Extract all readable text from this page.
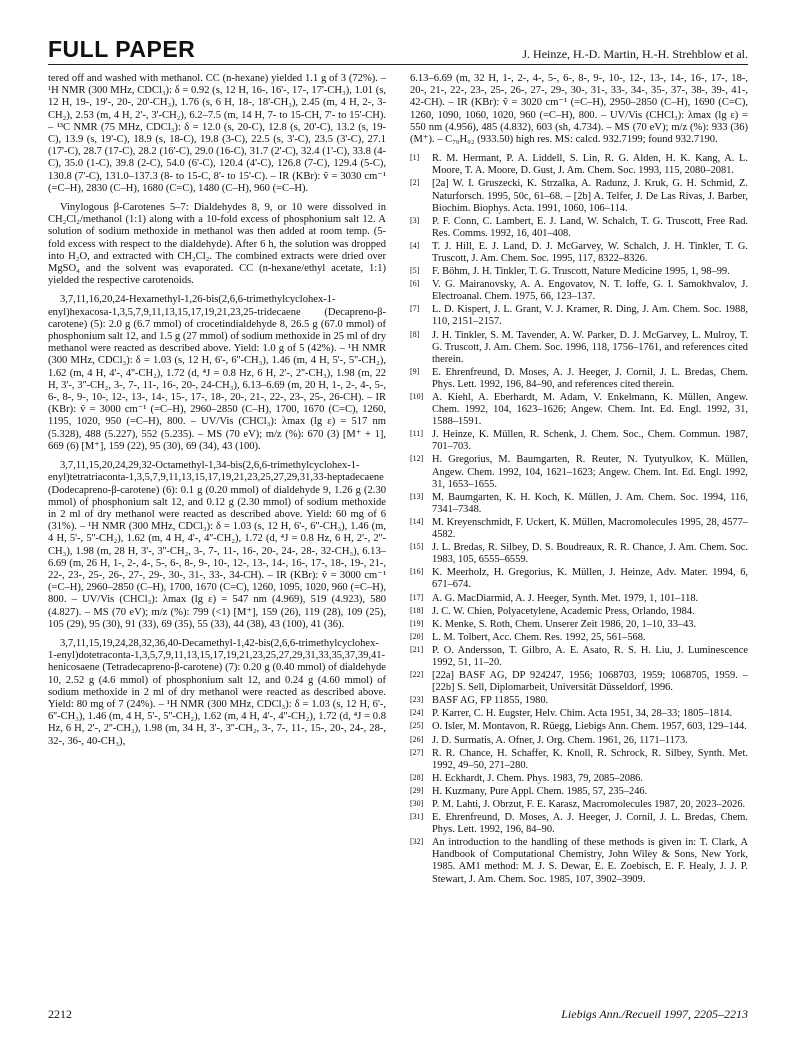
FULL PAPER	J. Heinze, H.-D. Martin, H.-H. Strehblow et al.

tered off and washed with methanol. CC (n-hexane) yielded 1.1 g of 3 (72%). – ¹H NMR (300 MHz, CDCl₃): δ = 0.92 (s, 12 H, 16-, 16'-, 17-, 17'-CH₃), 1.01 (s, 12 H, 19-, 19'-, 20-, 20'-CH₃), 1.76 (s, 6 H, 18-, 18'-CH₃), 2.45 (m, 4 H, 2-, 3-CH₂), 2.53 (m, 4 H, 2'-, 3'-CH₂), 6.2–7.5 (m, 14 H, 7- to 15-CH, 7'- to 15'-CH). – ¹³C NMR (75 MHz, CDCl₃): δ = 12.0 (s, 20-C), 12.8 (s, 20'-C), 13.2 (s, 19-C), 13.9 (s, 19'-C), 18.9 (s, 18-C), 19.8 (3-C), 22.5 (s, 3'-C), 23.5 (3'-C), 27.1 (17'-C), 28.7 (17-C), 28.2 (16'-C), 29.0 (16-C), 31.7 (2'-C), 32.4 (1'-C), 33.8 (4-C), 35.0 (1-C), 39.8 (2-C), 54.0 (6'-C), 120.4 (4'-C), 126.8 (7-C), 129.4 (5-C), 130.8 (7'-C), 131.0–137.3 (8- to 15-C, 8'- to 15'-C). – IR (KBr): ṽ = 3030 cm⁻¹ (=C–H), 2830 (C–H), 1680 (C=C), 1480 (C–H), 960 (=C–H).

Vinylogous β-Carotenes 5–7: Dialdehydes 8, 9, or 10 were dissolved in CH₂Cl₂/methanol (1:1) along with a 10-fold excess of phosphonium salt 12. A solution of sodium methoxide in methanol was then added at room temp. (5-fold excess with respect to the dialdehyde). After 6 h, the solution was dropped into H₂O, and extracted with CH₂Cl₂. The combined extracts were dried over MgSO₄ and the solvent was evaporated. CC (n-hexane/ethyl acetate, 1:1) yielded the respective carotenoids.

3,7,11,16,20,24-Hexamethyl-1,26-bis(2,6,6-trimethylcyclohex-1-enyl)hexacosa-1,3,5,7,9,11,13,15,17,19,21,23,25-tridecaene (Decapreno-β-carotene) (5): 2.0 g (6.7 mmol) of crocetindialdehyde 8, 26.5 g (67.0 mmol) of phosphonium salt 12, and 1.5 g (27 mmol) of sodium methoxide in 25 ml of dry methanol were reacted as described above. Yield: 1.0 g of 5 (42%). – ¹H NMR (300 MHz, CDCl₃): δ = 1.03 (s, 12 H, 6'-, 6''-CH₃), 1.46 (m, 4 H, 5'-, 5''-CH₂), 1.62 (m, 4 H, 4'-, 4''-CH₂), 1.72 (d, ⁴J = 0.8 Hz, 6 H, 2'-, 2''-CH₃), 1.98 (m, 22 H, 3'-, 3''-CH₂, 3-, 7-, 11-, 16-, 20-, 24-CH₃), 6.13–6.69 (m, 20 H, 1-, 2-, 4-, 5-, 6-, 8-, 9-, 10-, 12-, 13-, 14-, 15-, 17-, 18-, 20-, 21-, 22-, 23-, 25-, 26-CH). – IR (KBr): ṽ = 3000 cm⁻¹ (=C–H), 2960–2850 (C–H), 1700, 1670 (C=C), 1260, 1195, 1020, 950 (=C–H), 800. – UV/Vis (CHCl₃): λmax (lg ε) = 517 nm (5.328), 488 (5.227), 552 (5.235). – MS (70 eV); m/z (%): 670 (3) [M⁺ + 1], 669 (6) [M⁺], 159 (22), 95 (30), 69 (34), 43 (100).

3,7,11,15,20,24,29,32-Octamethyl-1,34-bis(2,6,6-trimethylcyclohex-1-enyl)tetratriaconta-1,3,5,7,9,11,13,15,17,19,21,23,25,27,29,31,33-heptadecaene (Dodecapreno-β-carotene) (6): 0.1 g (0.20 mmol) of dialdehyde 9, 1.26 g (2.30 mmol) of phosphonium salt 12, and 0.12 g (2.30 mmol) of sodium methoxide in 2 ml of dry methanol were reacted as described above. Yield: 60 mg of 6 (31%). – ¹H NMR (300 MHz, CDCl₃): δ = 1.03 (s, 12 H, 6'-, 6''-CH₃), 1.46 (m, 4 H, 5'-, 5''-CH₂), 1.62 (m, 4 H, 4'-, 4''-CH₂), 1.72 (d, ⁴J = 0.8 Hz, 6 H, 2'-, 2''-CH₃), 1.98 (m, 28 H, 3'-, 3''-CH₂, 3-, 7-, 11-, 16-, 20-, 24-, 28-, 32-CH₃), 6.13–6.69 (m, 26 H, 1-, 2-, 4-, 5-, 6-, 8-, 9-, 10-, 12-, 13-, 14-, 16-, 17-, 18-, 19-, 21-, 22-, 23-, 25-, 26-, 27-, 29-, 30-, 31-, 33-, 34-CH). – IR (KBr): ṽ = 3000 cm⁻¹ (=C–H), 2960–2850 (C–H), 1700, 1670 (C=C), 1260, 1095, 1020, 960 (=C–H), 800. – UV/Vis (CHCl₃): λmax (lg ε) = 547 nm (4.969), 519 (4.923), 580 (4.827). – MS (70 eV); m/z (%): 799 (<1) [M⁺], 159 (26), 119 (28), 109 (25), 105 (29), 95 (30), 91 (33), 69 (35), 55 (33), 44 (38), 43 (100), 41 (36).

3,7,11,15,19,24,28,32,36,40-Decamethyl-1,42-bis(2,6,6-trimethylcyclohex-1-enyl)dotetraconta-1,3,5,7,9,11,13,15,17,19,21,23,25,27,29,31,33,35,37,39,41-henicosaene (Tetradecapreno-β-carotene) (7): 0.20 g (0.40 mmol) of dialdehyde 10, 2.52 g (4.6 mmol) of phosphonium salt 12, and 0.24 g (4.60 mmol) of sodium methoxide in 2 ml of dry methanol were reacted as described above. Yield: 80 mg of 7 (24%). – ¹H NMR (300 MHz, CDCl₃): δ = 1.03 (s, 12 H, 6'-, 6''-CH₃), 1.46 (m, 4 H, 5'-, 5''-CH₂), 1.62 (m, 4 H, 4'-, 4''-CH₂), 1.72 (d, ⁴J = 0.8 Hz, 6 H, 2'-, 2''-CH₃), 1.98 (m, 34 H, 3'-, 3''-CH₂, 3-, 7-, 11-, 15-, 20-, 24-, 28-, 32-, 36-, 40-CH₃),

6.13–6.69 (m, 32 H, 1-, 2-, 4-, 5-, 6-, 8-, 9-, 10-, 12-, 13-, 14-, 16-, 17-, 18-, 20-, 21-, 22-, 23-, 25-, 26-, 27-, 29-, 30-, 31-, 33-, 34-, 35-, 37-, 38-, 39-, 41-, 42-CH). – IR (KBr): ṽ = 3020 cm⁻¹ (=C–H), 2950–2850 (C–H), 1690 (C=C), 1260, 1090, 1060, 1020, 960 (=C–H), 800. – UV/Vis (CHCl₃): λmax (lg ε) = 550 nm (4.956), 485 (4.832), 603 (sh, 4.734). – MS (70 eV); m/z (%): 933 (36) (M⁺). – C₇₀H₉₂ (933.50) high res. MS: calcd. 932.7199; found 932.7190.

[1] R. M. Hermant, P. A. Liddell, S. Lin, R. G. Alden, H. K. Kang, A. L. Moore, T. A. Moore, D. Gust, J. Am. Chem. Soc. 1993, 115, 2080–2081.
[2] [2a] W. I. Gruszecki, K. Strzalka, A. Radunz, J. Kruk, G. H. Schmid, Z. Naturforsch. 1995, 50c, 61–68. – [2b] A. Telfer, J. De Las Rivas, J. Barber, Biochim. Biophys. Acta. 1991, 1060, 106–114.
[3] P. F. Conn, C. Lambert, E. J. Land, W. Schalch, T. G. Truscott, Free Rad. Res. Comms. 1992, 16, 401–408.
[4] T. J. Hill, E. J. Land, D. J. McGarvey, W. Schalch, J. H. Tinkler, T. G. Truscott, J. Am. Chem. Soc. 1995, 117, 8322–8326.
[5] F. Böhm, J. H. Tinkler, T. G. Truscott, Nature Medicine 1995, 1, 98–99.
[6] V. G. Mairanovsky, A. A. Engovatov, N. T. Ioffe, G. I. Samokhvalov, J. Electroanal. Chem. 1975, 66, 123–137.
[7] L. D. Kispert, J. L. Grant, V. J. Kramer, R. Ding, J. Am. Chem. Soc. 1988, 110, 2151–2157.
[8] J. H. Tinkler, S. M. Tavender, A. W. Parker, D. J. McGarvey, L. Mulroy, T. G. Truscott, J. Am. Chem. Soc. 1996, 118, 1756–1761, and references cited therein.
[9] E. Ehrenfreund, D. Moses, A. J. Heeger, J. Cornil, J. L. Bredas, Chem. Phys. Lett. 1992, 196, 84–90, and references cited therein.
[10] A. Kiehl, A. Eberhardt, M. Adam, V. Enkelmann, K. Müllen, Angew. Chem. 1992, 104, 1623–1626; Angew. Chem. Int. Ed. Engl. 1992, 31, 1588–1591.
[11] J. Heinze, K. Müllen, R. Schenk, J. Chem. Soc., Chem. Commun. 1987, 701–703.
[12] H. Gregorius, M. Baumgarten, R. Reuter, N. Tyutyulkov, K. Müllen, Angew. Chem. 1992, 104, 1621–1623; Angew. Chem. Int. Ed. Engl. 1992, 31, 1653–1655.
[13] M. Baumgarten, K. H. Koch, K. Müllen, J. Am. Chem. Soc. 1994, 116, 7341–7348.
[14] M. Kreyenschmidt, F. Uckert, K. Müllen, Macromolecules 1995, 28, 4577–4582.
[15] J. L. Bredas, R. Silbey, D. S. Boudreaux, R. R. Chance, J. Am. Chem. Soc. 1983, 105, 6555–6559.
[16] K. Meerholz, H. Gregorius, K. Müllen, J. Heinze, Adv. Mater. 1994, 6, 671–674.
[17] A. G. MacDiarmid, A. J. Heeger, Synth. Met. 1979, 1, 101–118.
[18] J. C. W. Chien, Polyacetylene, Academic Press, Orlando, 1984.
[19] K. Menke, S. Roth, Chem. Unserer Zeit 1986, 20, 1–10, 33–43.
[20] L. M. Tolbert, Acc. Chem. Res. 1992, 25, 561–568.
[21] P. O. Andersson, T. Gilbro, A. E. Asato, R. S. H. Liu, J. Luminescence 1992, 51, 11–20.
[22] [22a] BASF AG, DP 924247, 1956; 1068703, 1959; 1068705, 1959. – [22b] S. Sell, Diplomarbeit, Universität Düsseldorf, 1996.
[23] BASF AG, FP 11855, 1980.
[24] P. Karrer, C. H. Eugster, Helv. Chim. Acta 1951, 34, 28–33; 1805–1814.
[25] O. Isler, M. Montavon, R. Rüegg, Liebigs Ann. Chem. 1957, 603, 129–144.
[26] J. D. Surmatis, A. Ofner, J. Org. Chem. 1961, 26, 1171–1173.
[27] R. R. Chance, H. Schaffer, K. Knoll, R. Schrock, R. Silbey, Synth. Met. 1992, 49–50, 271–280.
[28] H. Eckhardt, J. Chem. Phys. 1983, 79, 2085–2086.
[29] H. Kuzmany, Pure Appl. Chem. 1985, 57, 235–246.
[30] P. M. Lahti, J. Obrzut, F. E. Karasz, Macromolecules 1987, 20, 2023–2026.
[31] E. Ehrenfreund, D. Moses, A. J. Heeger, J. Cornil, J. L. Bredas, Chem. Phys. Lett. 1992, 196, 84–90.
[32] An introduction to the handling of these methods is given in: T. Clark, A Handbook of Computational Chemistry, John Wiley & Sons, New York, 1985. AM1 method: M. J. S. Dewar, E. E. Zoebisch, E. F. Healy, J. J. P. Stewart, J. Am. Chem. Soc. 1985, 107, 3902–3909.
2212	Liebigs Ann./Recueil 1997, 2205–2213
